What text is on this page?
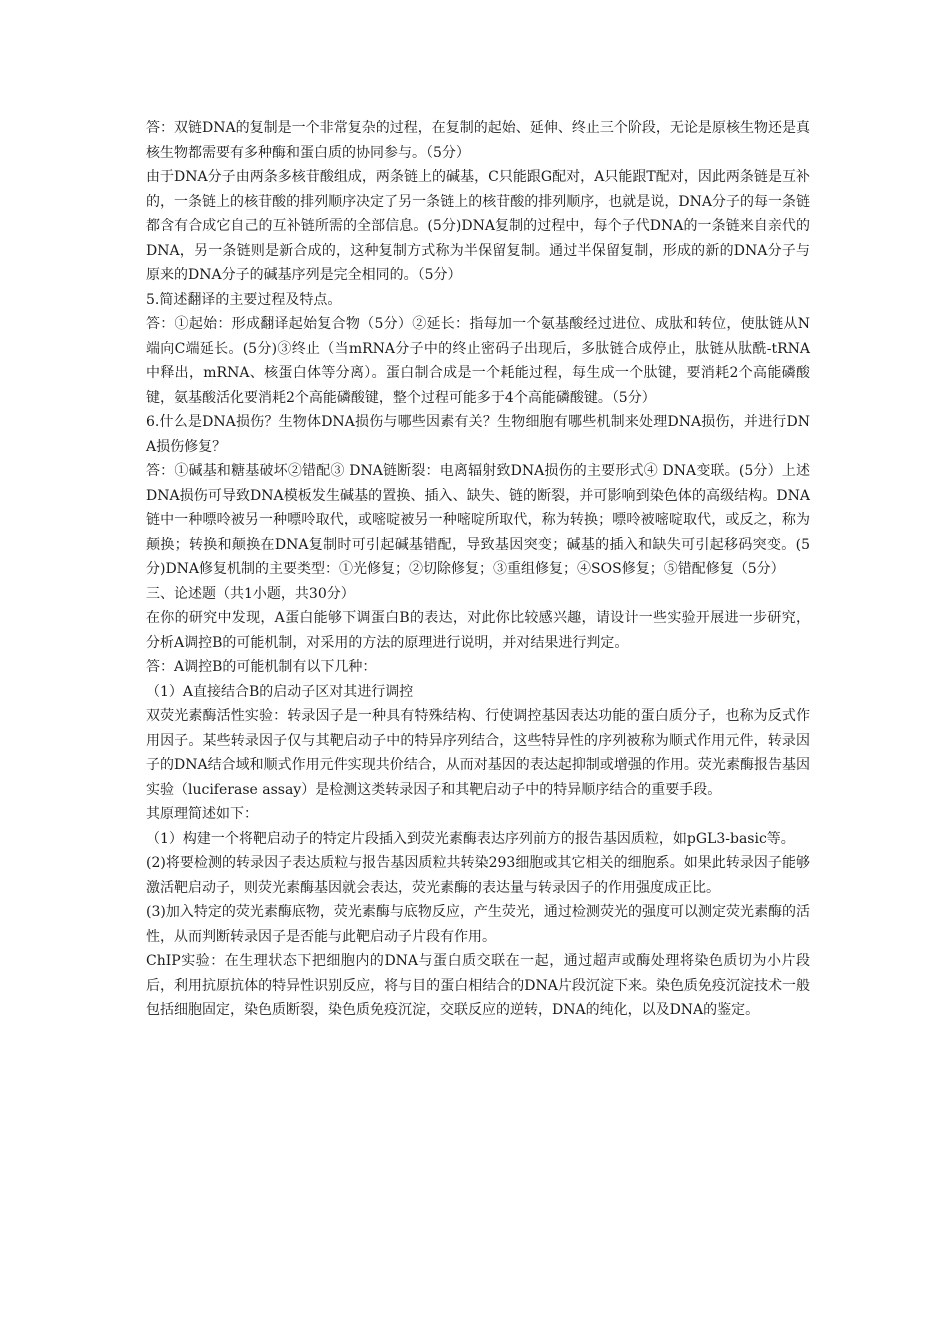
答：双链DNA的复制是一个非常复杂的过程，在复制的起始、延伸、终止三个阶段，无论是原核生物还是真核生物都需要有多种酶和蛋白质的协同参与。（5分）

由于DNA分子由两条多核苷酸组成，两条链上的碱基，C只能跟G配对，A只能跟T配对，因此两条链是互补的，一条链上的核苷酸的排列顺序决定了另一条链上的核苷酸的排列顺序，也就是说，DNA分子的每一条链都含有合成它自己的互补链所需的全部信息。(5分)DNA复制的过程中，每个子代DNA的一条链来自亲代的DNA，另一条链则是新合成的，这种复制方式称为半保留复制。通过半保留复制，形成的新的DNA分子与原来的DNA分子的碱基序列是完全相同的。（5分）

5.简述翻译的主要过程及特点。

答：①起始：形成翻译起始复合物（5分）②延长：指每加一个氨基酸经过进位、成肽和转位，使肽链从N端向C端延长。(5分)③终止（当mRNA分子中的终止密码子出现后，多肽链合成停止，肽链从肽酰-tRNA中释出，mRNA、核蛋白体等分离）。蛋白制合成是一个耗能过程，每生成一个肽键，要消耗2个高能磷酸键，氨基酸活化要消耗2个高能磷酸键，整个过程可能多于4个高能磷酸键。（5分）

6.什么是DNA损伤？生物体DNA损伤与哪些因素有关？生物细胞有哪些机制来处理DNA损伤，并进行DNA损伤修复？

答：①碱基和糖基破坏②错配③ DNA链断裂：电离辐射致DNA损伤的主要形式④ DNA变联。(5分）上述DNA损伤可导致DNA模板发生碱基的置换、插入、缺失、链的断裂，并可影响到染色体的高级结构。DNA链中一种嘌呤被另一种嘌呤取代，或嘧啶被另一种嘧啶所取代，称为转换；嘌呤被嘧啶取代，或反之，称为颠换；转换和颠换在DNA复制时可引起碱基错配，导致基因突变；碱基的插入和缺失可引起移码突变。(5分)DNA修复机制的主要类型：①光修复；②切除修复；③重组修复；④SOS修复；⑤错配修复（5分）

三、论述题（共1小题，共30分）

在你的研究中发现，A蛋白能够下调蛋白B的表达，对此你比较感兴趣，请设计一些实验开展进一步研究，分析A调控B的可能机制，对采用的方法的原理进行说明，并对结果进行判定。

答：A调控B的可能机制有以下几种：

（1）A直接结合B的启动子区对其进行调控

双荧光素酶活性实验：转录因子是一种具有特殊结构、行使调控基因表达功能的蛋白质分子，也称为反式作用因子。某些转录因子仅与其靶启动子中的特异序列结合，这些特异性的序列被称为顺式作用元件，转录因子的DNA结合域和顺式作用元件实现共价结合，从而对基因的表达起抑制或增强的作用。荧光素酶报告基因实验（luciferase assay）是检测这类转录因子和其靶启动子中的特异顺序结合的重要手段。

其原理简述如下：

（1）构建一个将靶启动子的特定片段插入到荧光素酶表达序列前方的报告基因质粒，如pGL3-basic等。

(2)将要检测的转录因子表达质粒与报告基因质粒共转染293细胞或其它相关的细胞系。如果此转录因子能够激活靶启动子，则荧光素酶基因就会表达，荧光素酶的表达量与转录因子的作用强度成正比。

(3)加入特定的荧光素酶底物，荧光素酶与底物反应，产生荧光，通过检测荧光的强度可以测定荧光素酶的活性，从而判断转录因子是否能与此靶启动子片段有作用。

ChIP实验：在生理状态下把细胞内的DNA与蛋白质交联在一起，通过超声或酶处理将染色质切为小片段后，利用抗原抗体的特异性识别反应，将与目的蛋白相结合的DNA片段沉淀下来。染色质免疫沉淀技术一般包括细胞固定，染色质断裂，染色质免疫沉淀，交联反应的逆转，DNA的纯化，以及DNA的鉴定。
